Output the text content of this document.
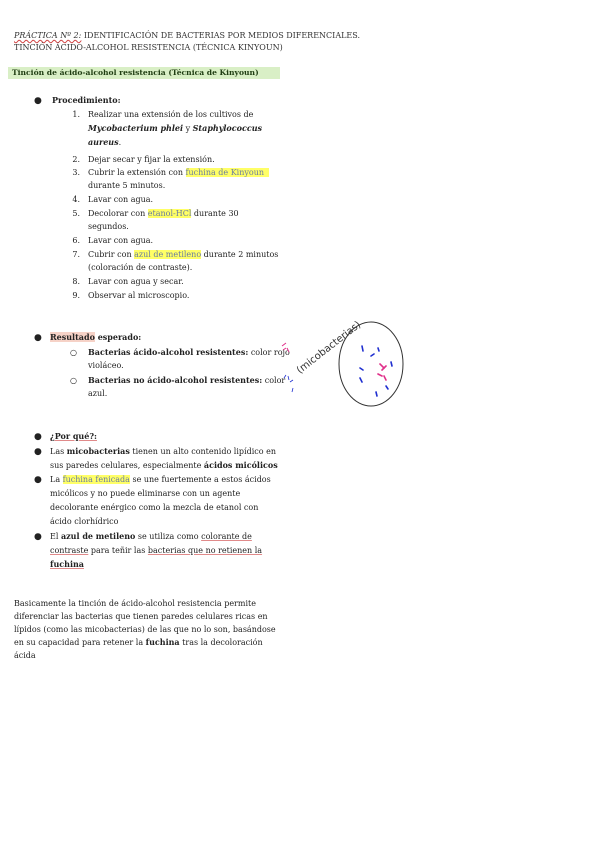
PRÁCTICA Nº 2: IDENTIFICACIÓN DE BACTERIAS POR MEDIOS DIFERENCIALES.
TINCIÓN ÁCIDO-ALCOHOL RESISTENCIA (TÉCNICA KINYOUN)
Tinción de ácido-alcohol resistencia (Técnica de Kinyoun)
● Procedimiento:
1. Realizar una extensión de los cultivos de
Mycobacterium phlei y Staphylococcus
aureus.
2. Dejar secar y fijar la extensión.
3. Cubrir la extensión con fuchina de Kinyoun
durante 5 minutos.
4. Lavar con agua.
5. Decolorar con etanol-HCl durante 30
segundos.
6. Lavar con agua.
7. Cubrir con azul de metileno durante 2 minutos
(coloración de contraste).
8. Lavar con agua y secar.
9. Observar al microscopio.
● Resultado esperado:
○ Bacterias ácido-alcohol resistentes: color rojo
violáceo.
○ Bacterias no ácido-alcohol resistentes: color
azul.
(micobacterias)
● ¿Por qué?:
● Las micobacterias tienen un alto contenido lipídico en
sus paredes celulares, especialmente ácidos micólicos
● La fuchina fenicada se une fuertemente a estos ácidos
micólicos y no puede eliminarse con un agente
decolorante enérgico como la mezcla de etanol con
ácido clorhídrico
● El azul de metileno se utiliza como colorante de
contraste para teñir las bacterias que no retienen la
fuchina
Basicamente la tinción de ácido-alcohol resistencia permite
diferenciar las bacterias que tienen paredes celulares ricas en
lípidos (como las micobacterias) de las que no lo son, basándose
en su capacidad para retener la fuchina tras la decoloración
ácida
